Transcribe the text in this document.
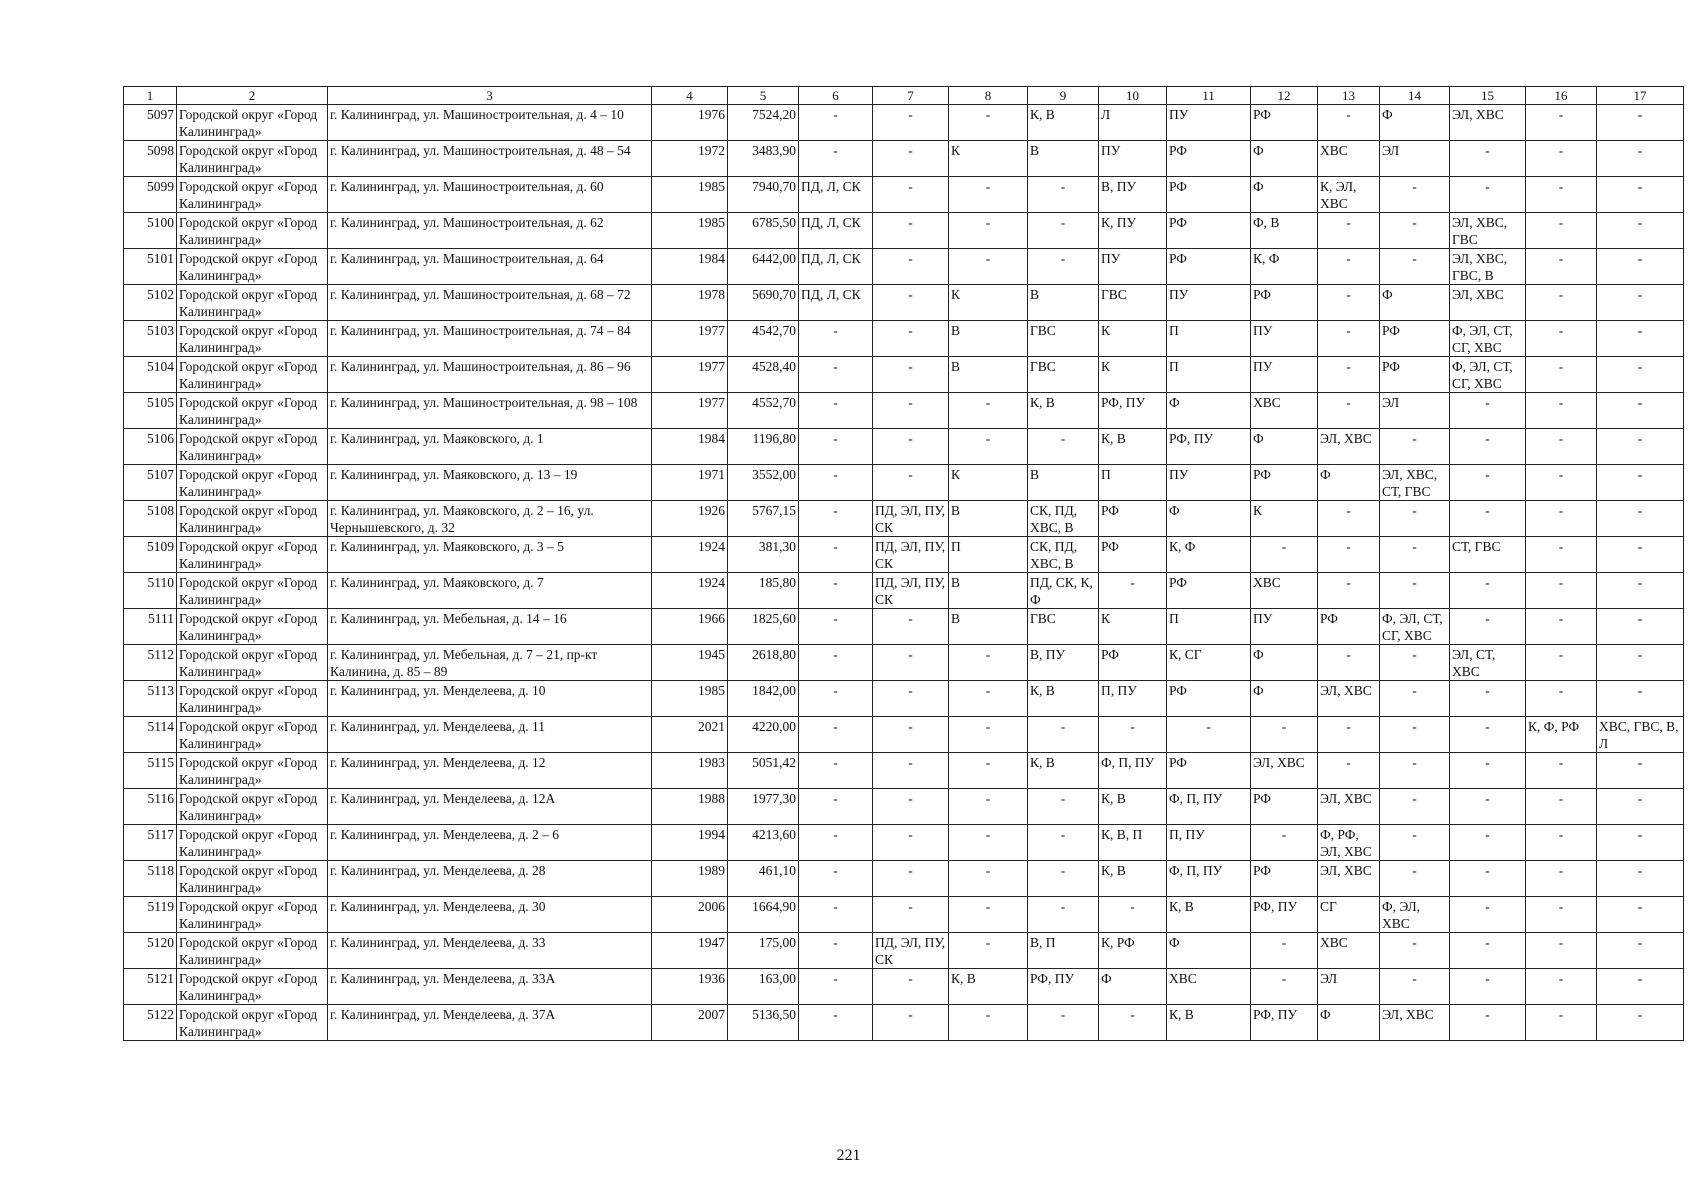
1	2	3	4	5	6	7	8	9	10	11	12	13	14	15	16	17
5097	Городской округ «Город Калининград»	г. Калининград, ул. Машиностроительная, д. 4 – 10	1976	7524,20	-	-	-	К, В	Л	ПУ	РФ	-	Ф	ЭЛ, ХВС	-	-
5098	Городской округ «Город Калининград»	г. Калининград, ул. Машиностроительная, д. 48 – 54	1972	3483,90	-	-	К	В	ПУ	РФ	Ф	ХВС	ЭЛ	-	-	-
5099	Городской округ «Город Калининград»	г. Калининград, ул. Машиностроительная, д. 60	1985	7940,70	ПД, Л, СК	-	-	-	В, ПУ	РФ	Ф	К, ЭЛ, ХВС	-	-	-	-
5100	Городской округ «Город Калининград»	г. Калининград, ул. Машиностроительная, д. 62	1985	6785,50	ПД, Л, СК	-	-	-	К, ПУ	РФ	Ф, В	-	-	ЭЛ, ХВС, ГВС	-	-
5101	Городской округ «Город Калининград»	г. Калининград, ул. Машиностроительная, д. 64	1984	6442,00	ПД, Л, СК	-	-	-	ПУ	РФ	К, Ф	-	-	ЭЛ, ХВС, ГВС, В	-	-
5102	Городской округ «Город Калининград»	г. Калининград, ул. Машиностроительная, д. 68 – 72	1978	5690,70	ПД, Л, СК	-	К	В	ГВС	ПУ	РФ	-	Ф	ЭЛ, ХВС	-	-
5103	Городской округ «Город Калининград»	г. Калининград, ул. Машиностроительная, д. 74 – 84	1977	4542,70	-	-	В	ГВС	К	П	ПУ	-	РФ	Ф, ЭЛ, СТ, СГ, ХВС	-	-
5104	Городской округ «Город Калининград»	г. Калининград, ул. Машиностроительная, д. 86 – 96	1977	4528,40	-	-	В	ГВС	К	П	ПУ	-	РФ	Ф, ЭЛ, СТ, СГ, ХВС	-	-
5105	Городской округ «Город Калининград»	г. Калининград, ул. Машиностроительная, д. 98 – 108	1977	4552,70	-	-	-	К, В	РФ, ПУ	Ф	ХВС	-	ЭЛ	-	-	-
5106	Городской округ «Город Калининград»	г. Калининград, ул. Маяковского, д. 1	1984	1196,80	-	-	-	-	К, В	РФ, ПУ	Ф	ЭЛ, ХВС	-	-	-	-
5107	Городской округ «Город Калининград»	г. Калининград, ул. Маяковского, д. 13 – 19	1971	3552,00	-	-	К	В	П	ПУ	РФ	Ф	ЭЛ, ХВС, СТ, ГВС	-	-	-
5108	Городской округ «Город Калининград»	г. Калининград, ул. Маяковского, д. 2 – 16, ул. Чернышевского, д. 32	1926	5767,15	-	ПД, ЭЛ, ПУ, СК	В	СК, ПД, ХВС, В	РФ	Ф	К	-	-	-	-	-
5109	Городской округ «Город Калининград»	г. Калининград, ул. Маяковского, д. 3 – 5	1924	381,30	-	ПД, ЭЛ, ПУ, СК	П	СК, ПД, ХВС, В	РФ	К, Ф	-	-	-	СТ, ГВС	-	-
5110	Городской округ «Город Калининград»	г. Калининград, ул. Маяковского, д. 7	1924	185,80	-	ПД, ЭЛ, ПУ, СК	В	ПД, СК, К, Ф	-	РФ	ХВС	-	-	-	-	-
5111	Городской округ «Город Калининград»	г. Калининград, ул. Мебельная, д. 14 – 16	1966	1825,60	-	-	В	ГВС	К	П	ПУ	РФ	Ф, ЭЛ, СТ, СГ, ХВС	-	-	-
5112	Городской округ «Город Калининград»	г. Калининград, ул. Мебельная, д. 7 – 21, пр-кт Калинина, д. 85 – 89	1945	2618,80	-	-	-	В, ПУ	РФ	К, СГ	Ф	-	-	ЭЛ, СТ, ХВС	-	-
5113	Городской округ «Город Калининград»	г. Калининград, ул. Менделеева, д. 10	1985	1842,00	-	-	-	К, В	П, ПУ	РФ	Ф	ЭЛ, ХВС	-	-	-	-
5114	Городской округ «Город Калининград»	г. Калининград, ул. Менделеева, д. 11	2021	4220,00	-	-	-	-	-	-	-	-	-	-	К, Ф, РФ	ХВС, ГВС, В, Л
5115	Городской округ «Город Калининград»	г. Калининград, ул. Менделеева, д. 12	1983	5051,42	-	-	-	К, В	Ф, П, ПУ	РФ	ЭЛ, ХВС	-	-	-	-	-
5116	Городской округ «Город Калининград»	г. Калининград, ул. Менделеева, д. 12А	1988	1977,30	-	-	-	-	К, В	Ф, П, ПУ	РФ	ЭЛ, ХВС	-	-	-	-
5117	Городской округ «Город Калининград»	г. Калининград, ул. Менделеева, д. 2 – 6	1994	4213,60	-	-	-	-	К, В, П	П, ПУ	-	Ф, РФ, ЭЛ, ХВС	-	-	-	-
5118	Городской округ «Город Калининград»	г. Калининград, ул. Менделеева, д. 28	1989	461,10	-	-	-	-	К, В	Ф, П, ПУ	РФ	ЭЛ, ХВС	-	-	-	-
5119	Городской округ «Город Калининград»	г. Калининград, ул. Менделеева, д. 30	2006	1664,90	-	-	-	-	-	К, В	РФ, ПУ	СГ	Ф, ЭЛ, ХВС	-	-	-
5120	Городской округ «Город Калининград»	г. Калининград, ул. Менделеева, д. 33	1947	175,00	-	ПД, ЭЛ, ПУ, СК	-	В, П	К, РФ	Ф	-	ХВС	-	-	-	-
5121	Городской округ «Город Калининград»	г. Калининград, ул. Менделеева, д. 33А	1936	163,00	-	-	К, В	РФ, ПУ	Ф	ХВС	-	ЭЛ	-	-	-	-
5122	Городской округ «Город Калининград»	г. Калининград, ул. Менделеева, д. 37А	2007	5136,50	-	-	-	-	-	К, В	РФ, ПУ	Ф	ЭЛ, ХВС	-	-	-
221
